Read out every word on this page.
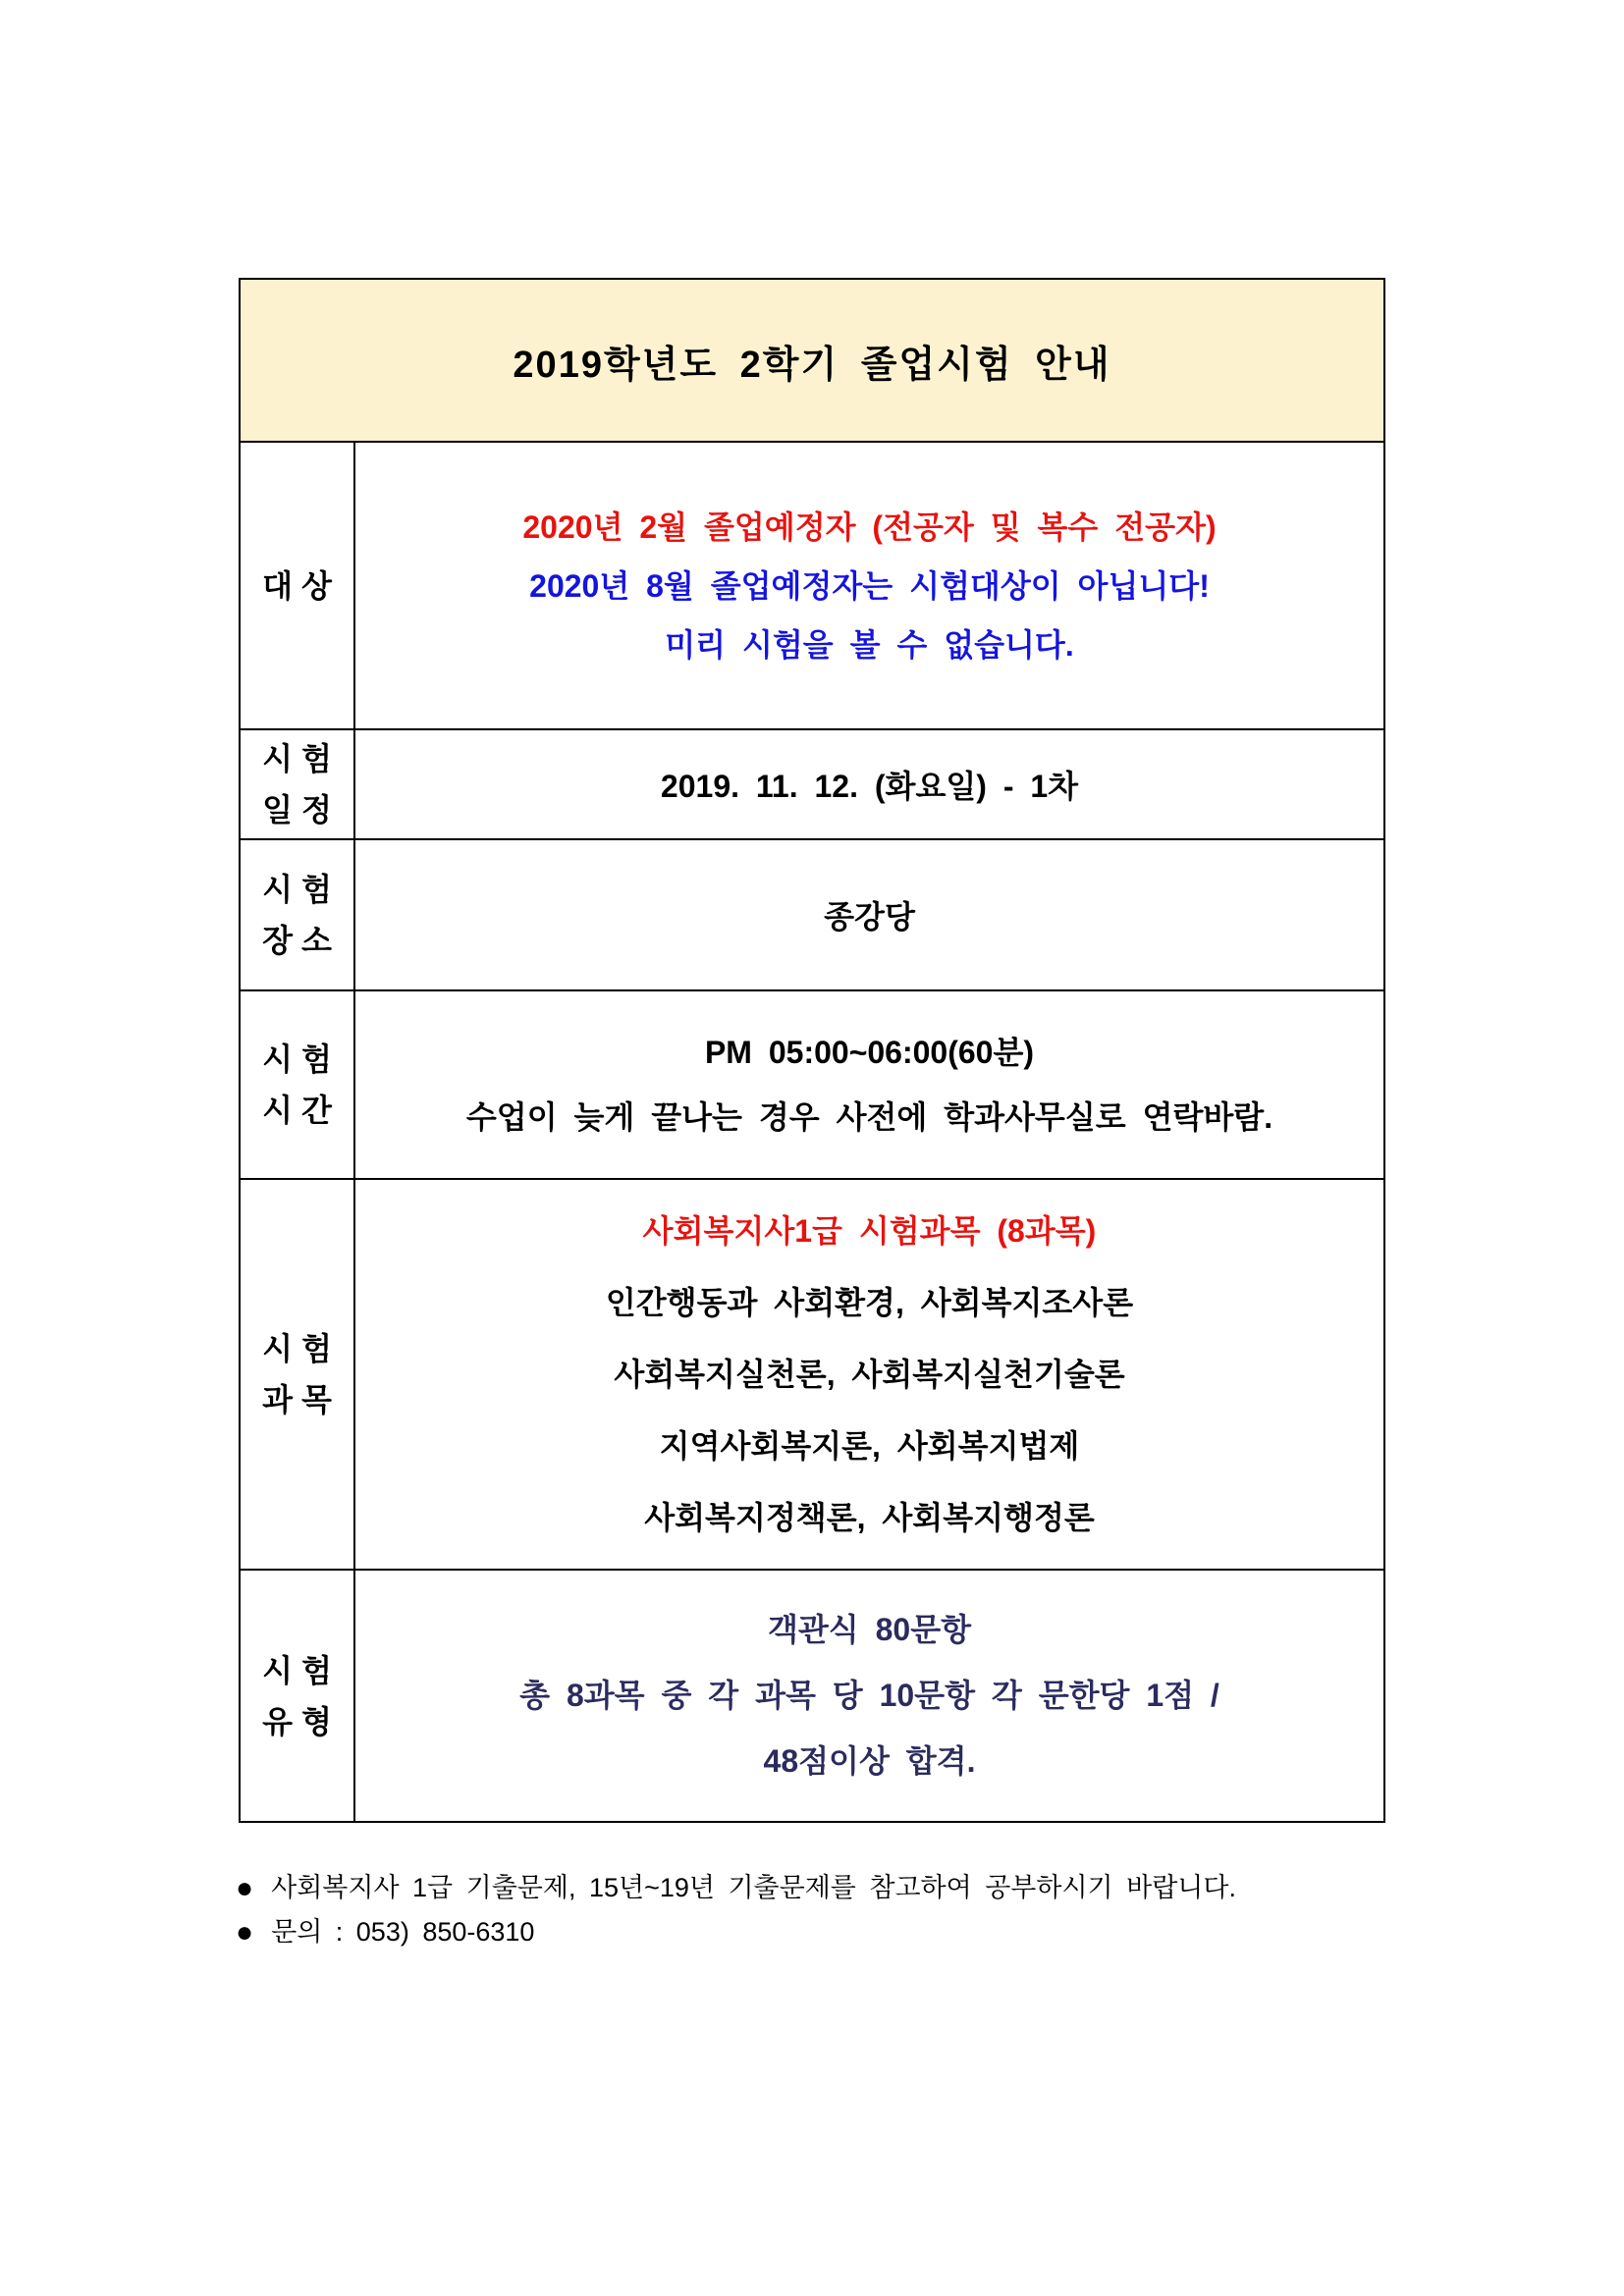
2019학년도 2학기 졸업시험 안내
대상
2020년 2월 졸업예정자 (전공자 및 복수 전공자)
2020년 8월 졸업예정자는 시험대상이 아닙니다!
미리 시험을 볼 수 없습니다.
시험
일정
2019. 11. 12. (화요일) - 1차
시험
장소
종강당
시험
시간
PM 05:00~06:00(60분)
수업이 늦게 끝나는 경우 사전에 학과사무실로 연락바람.
시험
과목
사회복지사1급 시험과목 (8과목)
인간행동과 사회환경, 사회복지조사론
사회복지실천론, 사회복지실천기술론
지역사회복지론, 사회복지법제
사회복지정책론, 사회복지행정론
시험
유형
객관식 80문항
총 8과목 중 각 과목 당 10문항 각 문한당 1점 /
48점이상 합격.
● 사회복지사 1급 기출문제, 15년~19년 기출문제를 참고하여 공부하시기 바랍니다.
● 문의 : 053) 850-6310
